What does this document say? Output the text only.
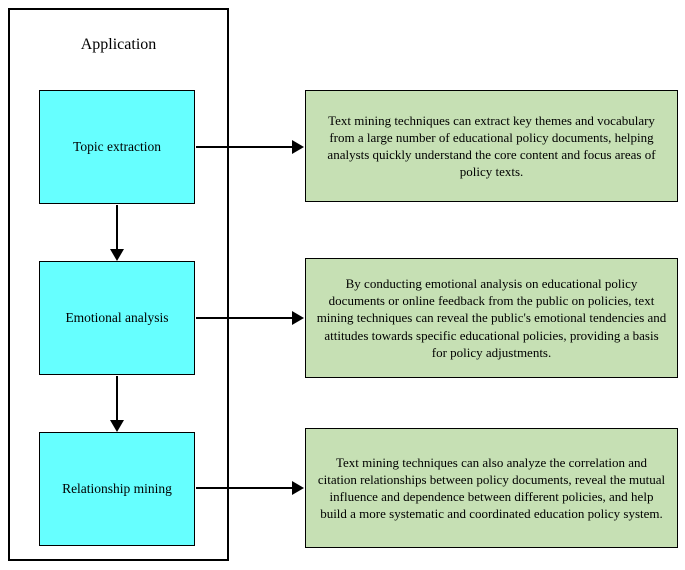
Application
Topic extraction
Emotional analysis
Relationship mining
Text mining techniques can extract key themes and vocabulary from a large number of educational policy documents, helping analysts quickly understand the core content and focus areas of policy texts.
By conducting emotional analysis on educational policy documents or online feedback from the public on policies, text mining techniques can reveal the public's emotional tendencies and attitudes towards specific educational policies, providing a basis for policy adjustments.
Text mining techniques can also analyze the correlation and citation relationships between policy documents, reveal the mutual influence and dependence between different policies, and help build a more systematic and coordinated education policy system.
